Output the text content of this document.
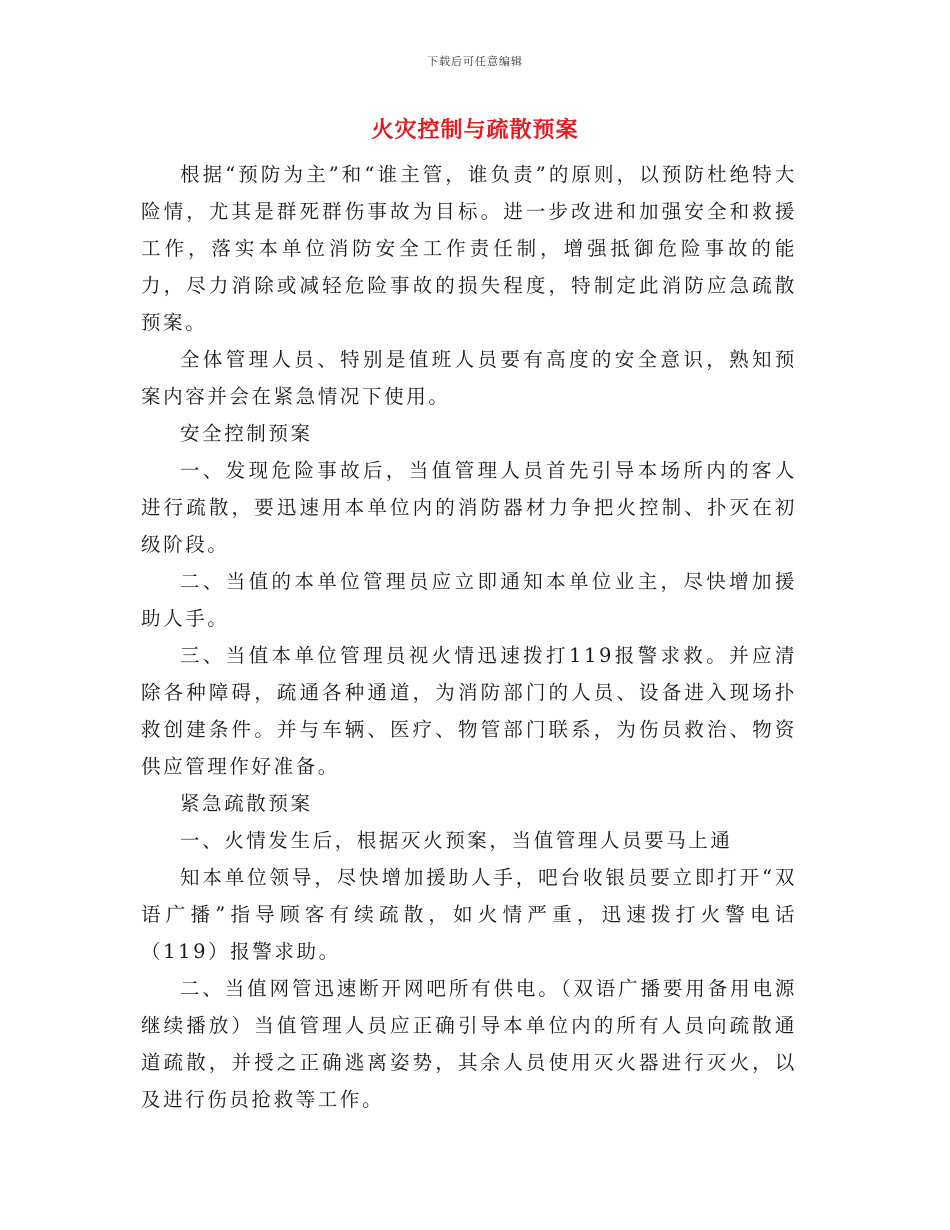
下载后可任意编辑
火灾控制与疏散预案

根据“预防为主”和“谁主管，谁负责”的原则，以预防杜绝特大险情，尤其是群死群伤事故为目标。进一步改进和加强安全和救援工作，落实本单位消防安全工作责任制，增强抵御危险事故的能力，尽力消除或减轻危险事故的损失程度，特制定此消防应急疏散预案。

全体管理人员、特别是值班人员要有高度的安全意识，熟知预案内容并会在紧急情况下使用。

安全控制预案

一、发现危险事故后，当值管理人员首先引导本场所内的客人进行疏散，要迅速用本单位内的消防器材力争把火控制、扑灭在初级阶段。

二、当值的本单位管理员应立即通知本单位业主，尽快增加援助人手。

三、当值本单位管理员视火情迅速拨打119报警求救。并应清除各种障碍，疏通各种通道，为消防部门的人员、设备进入现场扑救创建条件。并与车辆、医疗、物管部门联系，为伤员救治、物资供应管理作好准备。

紧急疏散预案

一、火情发生后，根据灭火预案，当值管理人员要马上通

知本单位领导，尽快增加援助人手，吧台收银员要立即打开“双语广播”指导顾客有续疏散，如火情严重，迅速拨打火警电话（119）报警求助。

二、当值网管迅速断开网吧所有供电。（双语广播要用备用电源继续播放）当值管理人员应正确引导本单位内的所有人员向疏散通道疏散，并授之正确逃离姿势，其余人员使用灭火器进行灭火，以及进行伤员抢救等工作。
